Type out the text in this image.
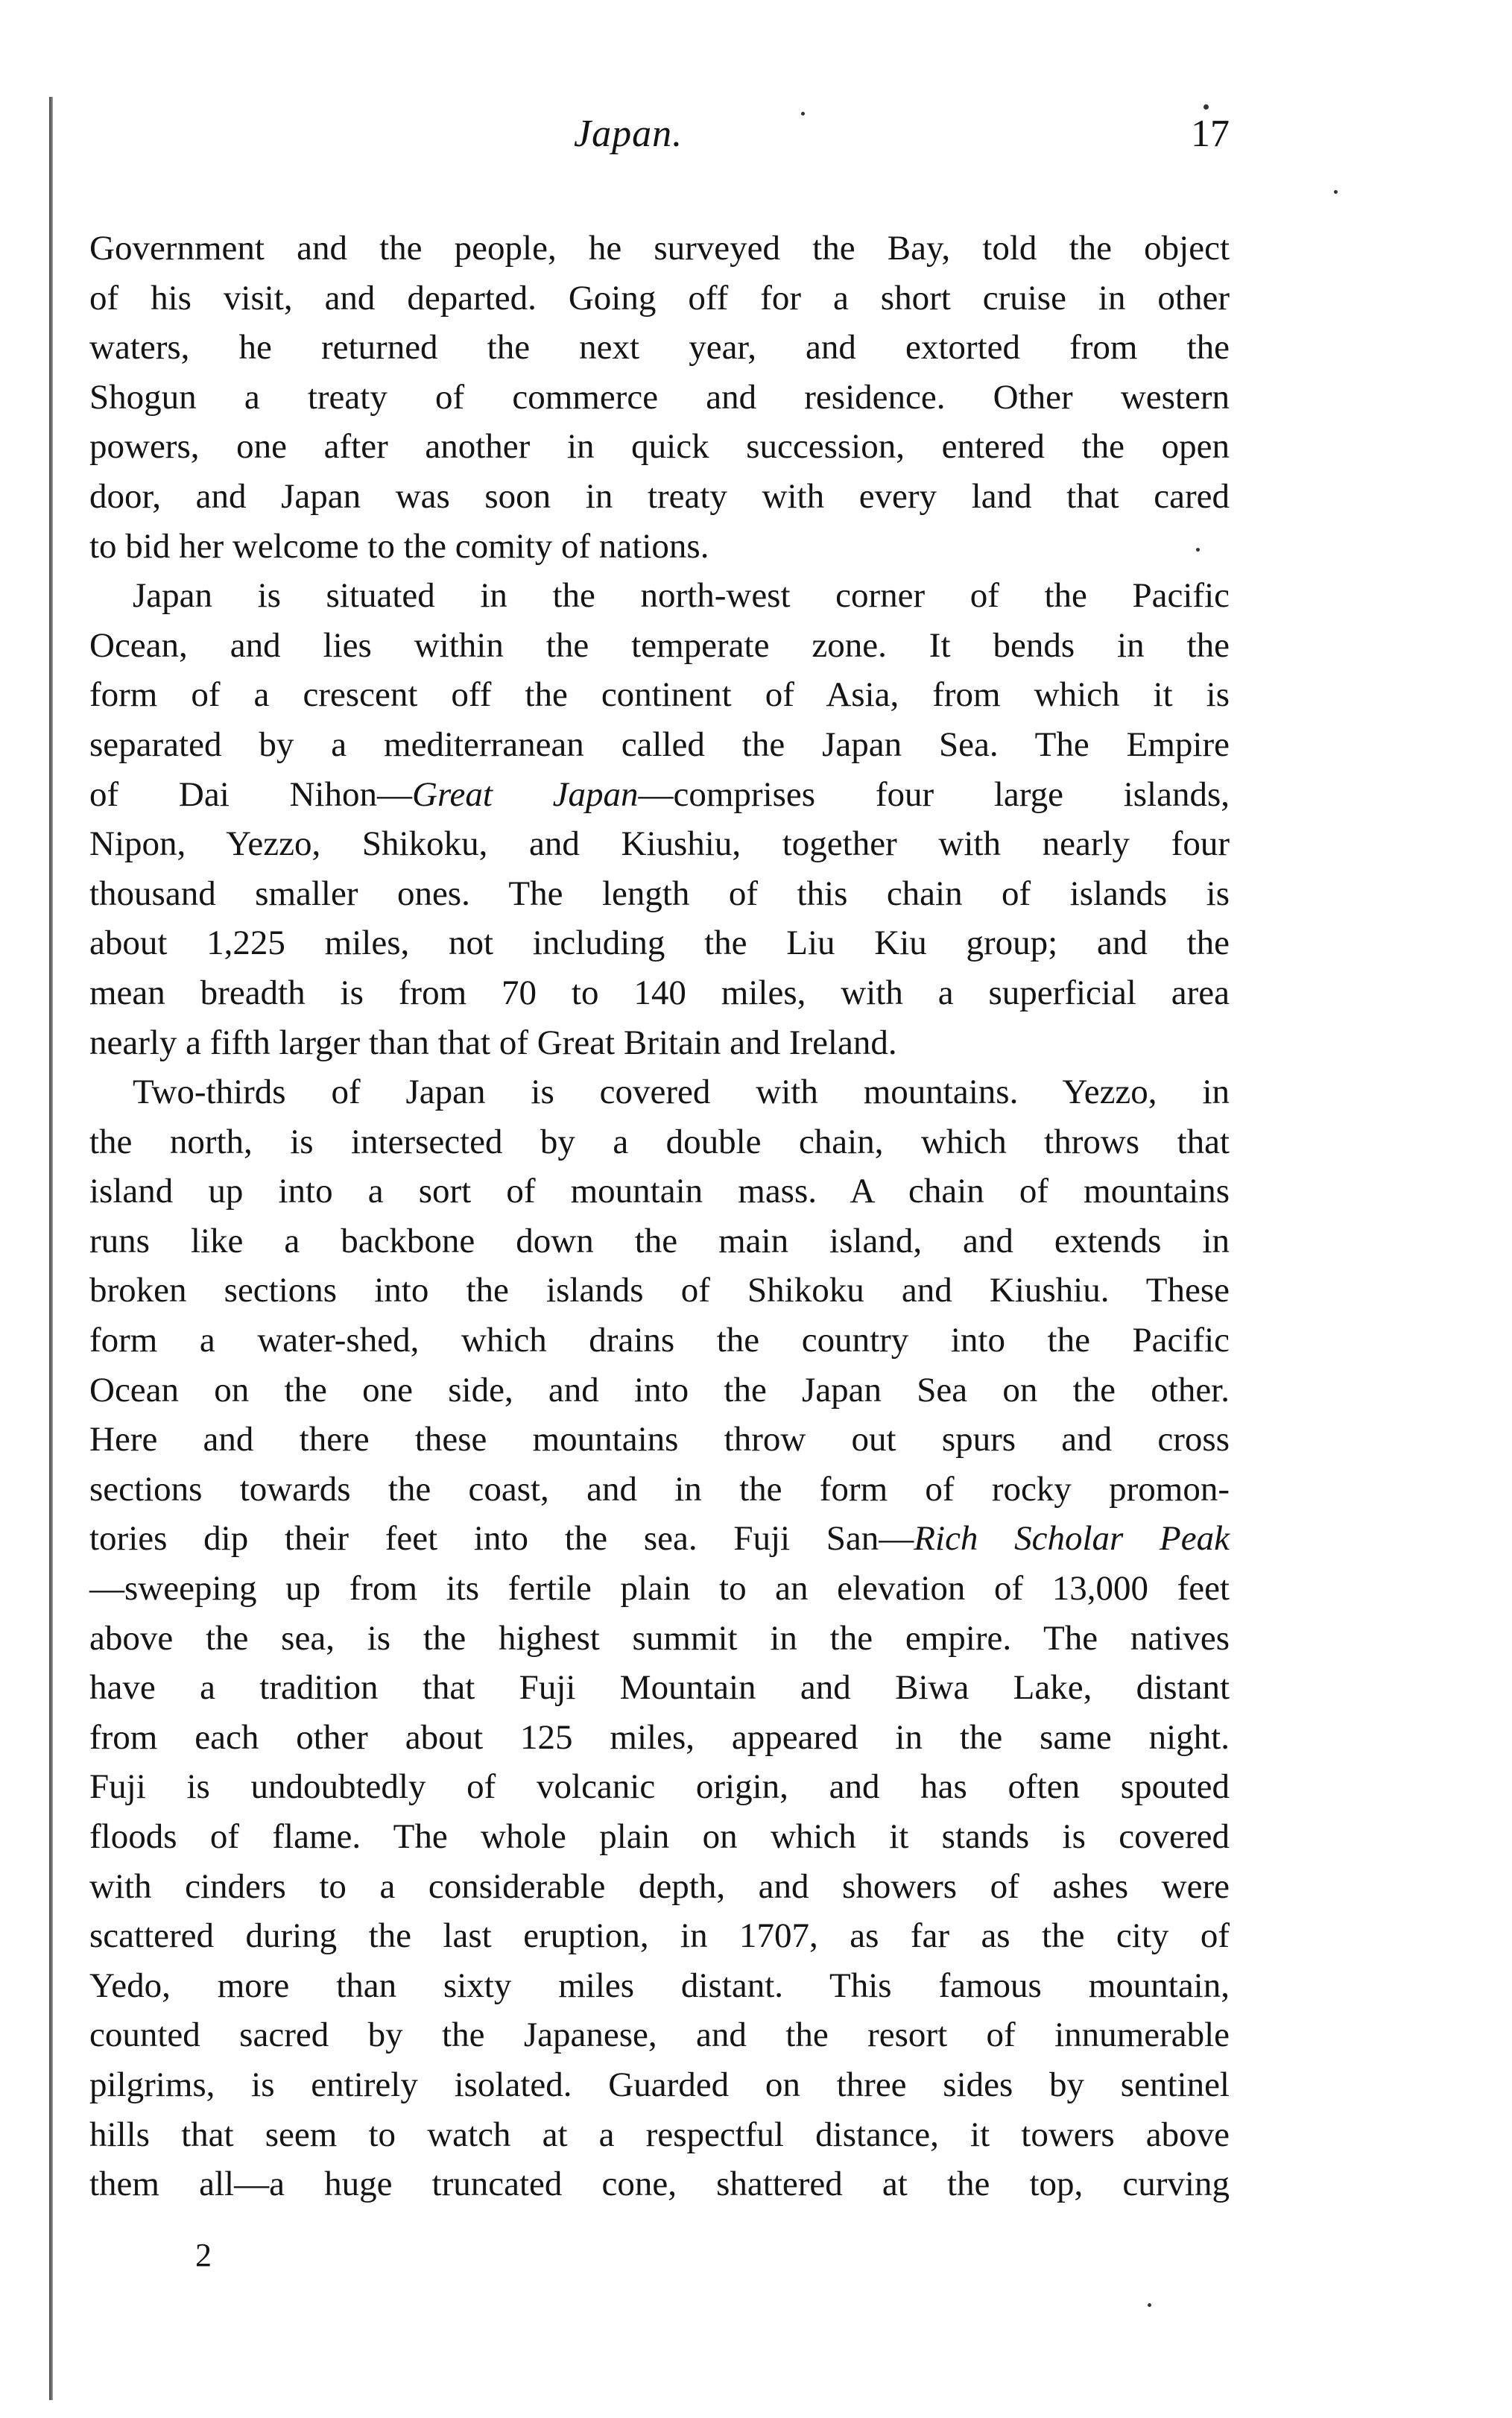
Japan.	17
Government and the people, he surveyed the Bay, told the object
of his visit, and departed. Going off for a short cruise in other
waters, he returned the next year, and extorted from the
Shogun a treaty of commerce and residence. Other western
powers, one after another in quick succession, entered the open
door, and Japan was soon in treaty with every land that cared
to bid her welcome to the comity of nations.
Japan is situated in the north-west corner of the Pacific
Ocean, and lies within the temperate zone. It bends in the
form of a crescent off the continent of Asia, from which it is
separated by a mediterranean called the Japan Sea. The Empire
of Dai Nihon—Great Japan—comprises four large islands,
Nipon, Yezzo, Shikoku, and Kiushiu, together with nearly four
thousand smaller ones. The length of this chain of islands is
about 1,225 miles, not including the Liu Kiu group; and the
mean breadth is from 70 to 140 miles, with a superficial area
nearly a fifth larger than that of Great Britain and Ireland.
Two-thirds of Japan is covered with mountains. Yezzo, in
the north, is intersected by a double chain, which throws that
island up into a sort of mountain mass. A chain of mountains
runs like a backbone down the main island, and extends in
broken sections into the islands of Shikoku and Kiushiu. These
form a water-shed, which drains the country into the Pacific
Ocean on the one side, and into the Japan Sea on the other.
Here and there these mountains throw out spurs and cross
sections towards the coast, and in the form of rocky promon-
tories dip their feet into the sea. Fuji San—Rich Scholar Peak
—sweeping up from its fertile plain to an elevation of 13,000 feet
above the sea, is the highest summit in the empire. The natives
have a tradition that Fuji Mountain and Biwa Lake, distant
from each other about 125 miles, appeared in the same night.
Fuji is undoubtedly of volcanic origin, and has often spouted
floods of flame. The whole plain on which it stands is covered
with cinders to a considerable depth, and showers of ashes were
scattered during the last eruption, in 1707, as far as the city of
Yedo, more than sixty miles distant. This famous mountain,
counted sacred by the Japanese, and the resort of innumerable
pilgrims, is entirely isolated. Guarded on three sides by sentinel
hills that seem to watch at a respectful distance, it towers above
them all—a huge truncated cone, shattered at the top, curving
2
